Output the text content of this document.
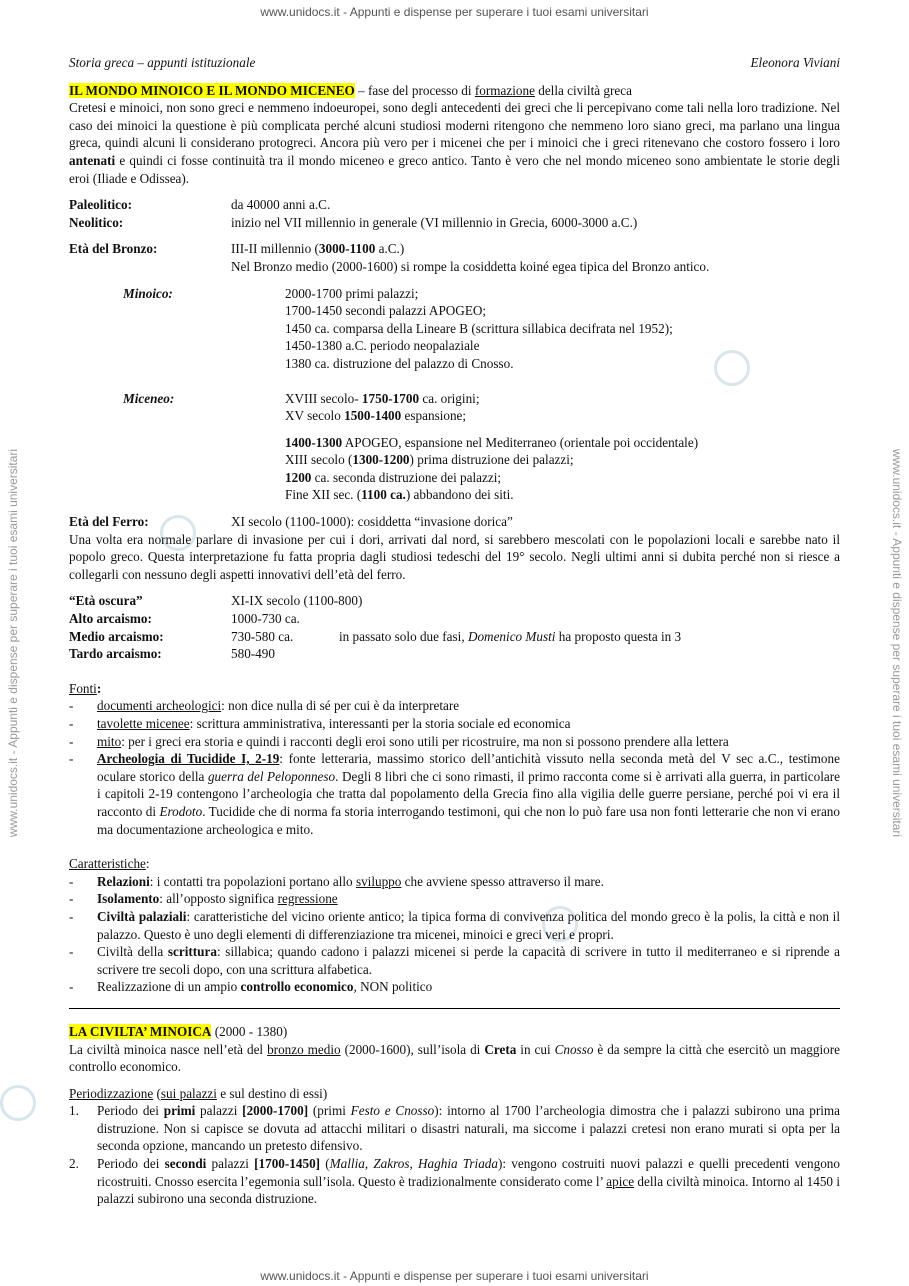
www.unidocs.it - Appunti e dispense per superare i tuoi esami universitari
www.unidocs.it - Appunti e dispense per superare i tuoi esami universitari
www.unidocs.it - Appunti e dispense per superare i tuoi esami universitari	www.unidocs.it - Appunti e dispense per superare i tuoi esami universitari
Storia greca – appunti istituzionale	Eleonora Viviani

IL MONDO MINOICO E IL MONDO MICENEO – fase del processo di formazione della civiltà greca

Cretesi e minoici, non sono greci e nemmeno indoeuropei, sono degli antecedenti dei greci che li percepivano come tali nella loro tradizione. Nel caso dei minoici la questione è più complicata perché alcuni studiosi moderni ritengono che nemmeno loro siano greci, ma parlano una lingua greca, quindi alcuni li considerano protogreci. Ancora più vero per i micenei che per i minoici che i greci ritenevano che costoro fossero i loro antenati e quindi ci fosse continuità tra il mondo miceneo e greco antico. Tanto è vero che nel mondo miceneo sono ambientate le storie degli eroi (Iliade e Odissea).

Paleolitico:	da 40000 anni a.C.
Neolitico:	inizio nel VII millennio in generale (VI millennio in Grecia, 6000-3000 a.C.)
Età del Bronzo:	III-II millennio (3000-1100 a.C.)
Nel Bronzo medio (2000-1600) si rompe la cosiddetta koiné egea tipica del Bronzo antico.
Minoico:	2000-1700 primi palazzi;
1700-1450 secondi palazzi APOGEO;
1450 ca. comparsa della Lineare B (scrittura sillabica decifrata nel 1952);
1450-1380 a.C. periodo neopalaziale
1380 ca. distruzione del palazzo di Cnosso.
Miceneo:	XVIII secolo- 1750-1700 ca. origini;
XV secolo 1500-1400 espansione;
1400-1300 APOGEO, espansione nel Mediterraneo (orientale poi occidentale)
XIII secolo (1300-1200) prima distruzione dei palazzi;
1200 ca. seconda distruzione dei palazzi;
Fine XII sec. (1100 ca.) abbandono dei siti.
Età del Ferro:	XI secolo (1100-1000): cosiddetta “invasione dorica”

Una volta era normale parlare di invasione per cui i dori, arrivati dal nord, si sarebbero mescolati con le popolazioni locali e sarebbe nato il popolo greco. Questa interpretazione fu fatta propria dagli studiosi tedeschi del 19° secolo. Negli ultimi anni si dubita perché non si riesce a collegarli con nessuno degli aspetti innovativi dell’età del ferro.

“Età oscura”	XI-IX secolo (1100-800)
Alto arcaismo:	1000-730 ca.
Medio arcaismo:	730-580 ca.	in passato solo due fasi, Domenico Musti ha proposto questa in 3
Tardo arcaismo:	580-490
Fonti:
- documenti archeologici: non dice nulla di sé per cui è da interpretare
- tavolette micenee: scrittura amministrativa, interessanti per la storia sociale ed economica
- mito: per i greci era storia e quindi i racconti degli eroi sono utili per ricostruire, ma non si possono prendere alla lettera
- Archeologia di Tucidide I, 2-19: fonte letteraria, massimo storico dell’antichità vissuto nella seconda metà del V sec a.C., testimone oculare storico della guerra del Peloponneso. Degli 8 libri che ci sono rimasti, il primo racconta come si è arrivati alla guerra, in particolare i capitoli 2-19 contengono l’archeologia che tratta dal popolamento della Grecia fino alla vigilia delle guerre persiane, perché poi vi era il racconto di Erodoto. Tucidide che di norma fa storia interrogando testimoni, qui che non lo può fare usa non fonti letterarie che non vi erano ma documentazione archeologica e mito.
Caratteristiche:
- Relazioni: i contatti tra popolazioni portano allo sviluppo che avviene spesso attraverso il mare.
- Isolamento: all’opposto significa regressione
- Civiltà palaziali: caratteristiche del vicino oriente antico; la tipica forma di convivenza politica del mondo greco è la polis, la città e non il palazzo. Questo è uno degli elementi di differenziazione tra micenei, minoici e greci veri e propri.
- Civiltà della scrittura: sillabica; quando cadono i palazzi micenei si perde la capacità di scrivere in tutto il mediterraneo e si riprende a scrivere tre secoli dopo, con una scrittura alfabetica.
- Realizzazione di un ampio controllo economico, NON politico

LA CIVILTA’ MINOICA (2000 - 1380)

La civiltà minoica nasce nell’età del bronzo medio (2000-1600), sull’isola di Creta in cui Cnosso è da sempre la città che esercitò un maggiore controllo economico.

Periodizzazione (sui palazzi e sul destino di essi)
1. Periodo dei primi palazzi [2000-1700] (primi Festo e Cnosso): intorno al 1700 l’archeologia dimostra che i palazzi subirono una prima distruzione. Non si capisce se dovuta ad attacchi militari o disastri naturali, ma siccome i palazzi cretesi non erano murati si opta per la seconda opzione, mancando un pretesto difensivo.
2. Periodo dei secondi palazzi [1700-1450] (Mallia, Zakros, Haghia Triada): vengono costruiti nuovi palazzi e quelli precedenti vengono ricostruiti. Cnosso esercita l’egemonia sull’isola. Questo è tradizionalmente considerato come l’ apice della civiltà minoica. Intorno al 1450 i palazzi subirono una seconda distruzione.
